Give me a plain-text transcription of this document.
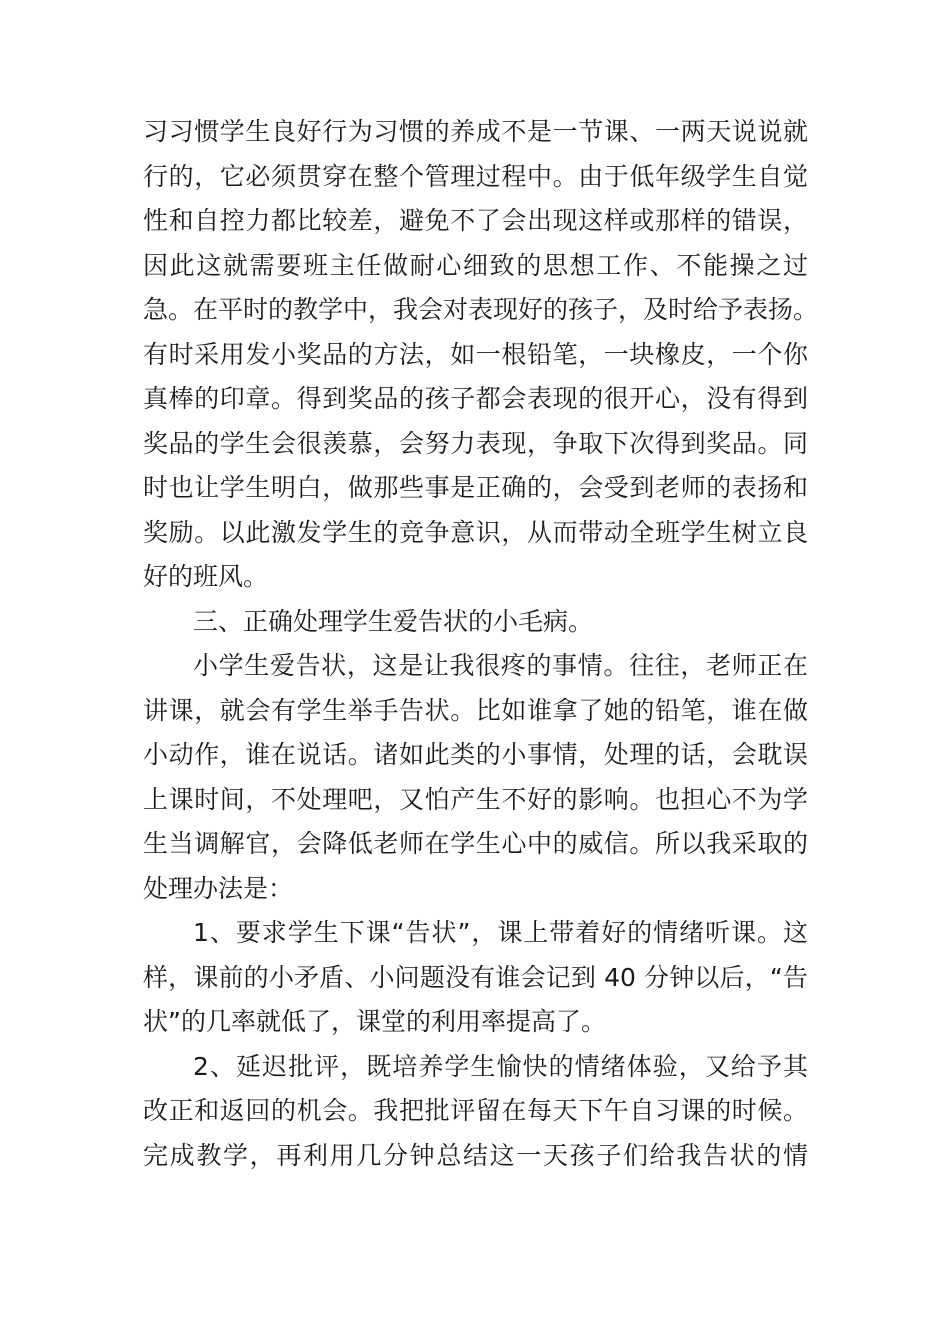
习习惯学生良好行为习惯的养成不是一节课、一两天说说就
行的，它必须贯穿在整个管理过程中。由于低年级学生自觉
性和自控力都比较差，避免不了会出现这样或那样的错误，
因此这就需要班主任做耐心细致的思想工作、不能操之过
急。在平时的教学中，我会对表现好的孩子，及时给予表扬。
有时采用发小奖品的方法，如一根铅笔，一块橡皮，一个你
真棒的印章。得到奖品的孩子都会表现的很开心，没有得到
奖品的学生会很羡慕，会努力表现，争取下次得到奖品。同
时也让学生明白，做那些事是正确的，会受到老师的表扬和
奖励。以此激发学生的竞争意识，从而带动全班学生树立良
好的班风。
三、正确处理学生爱告状的小毛病。
小学生爱告状，这是让我很疼的事情。往往，老师正在
讲课，就会有学生举手告状。比如谁拿了她的铅笔，谁在做
小动作，谁在说话。诸如此类的小事情，处理的话，会耽误
上课时间，不处理吧，又怕产生不好的影响。也担心不为学
生当调解官，会降低老师在学生心中的威信。所以我采取的
处理办法是：
1、要求学生下课“告状”，课上带着好的情绪听课。这
样，课前的小矛盾、小问题没有谁会记到 40 分钟以后，“告
状”的几率就低了，课堂的利用率提高了。
2、延迟批评，既培养学生愉快的情绪体验，又给予其
改正和返回的机会。我把批评留在每天下午自习课的时候。
完成教学，再利用几分钟总结这一天孩子们给我告状的情
